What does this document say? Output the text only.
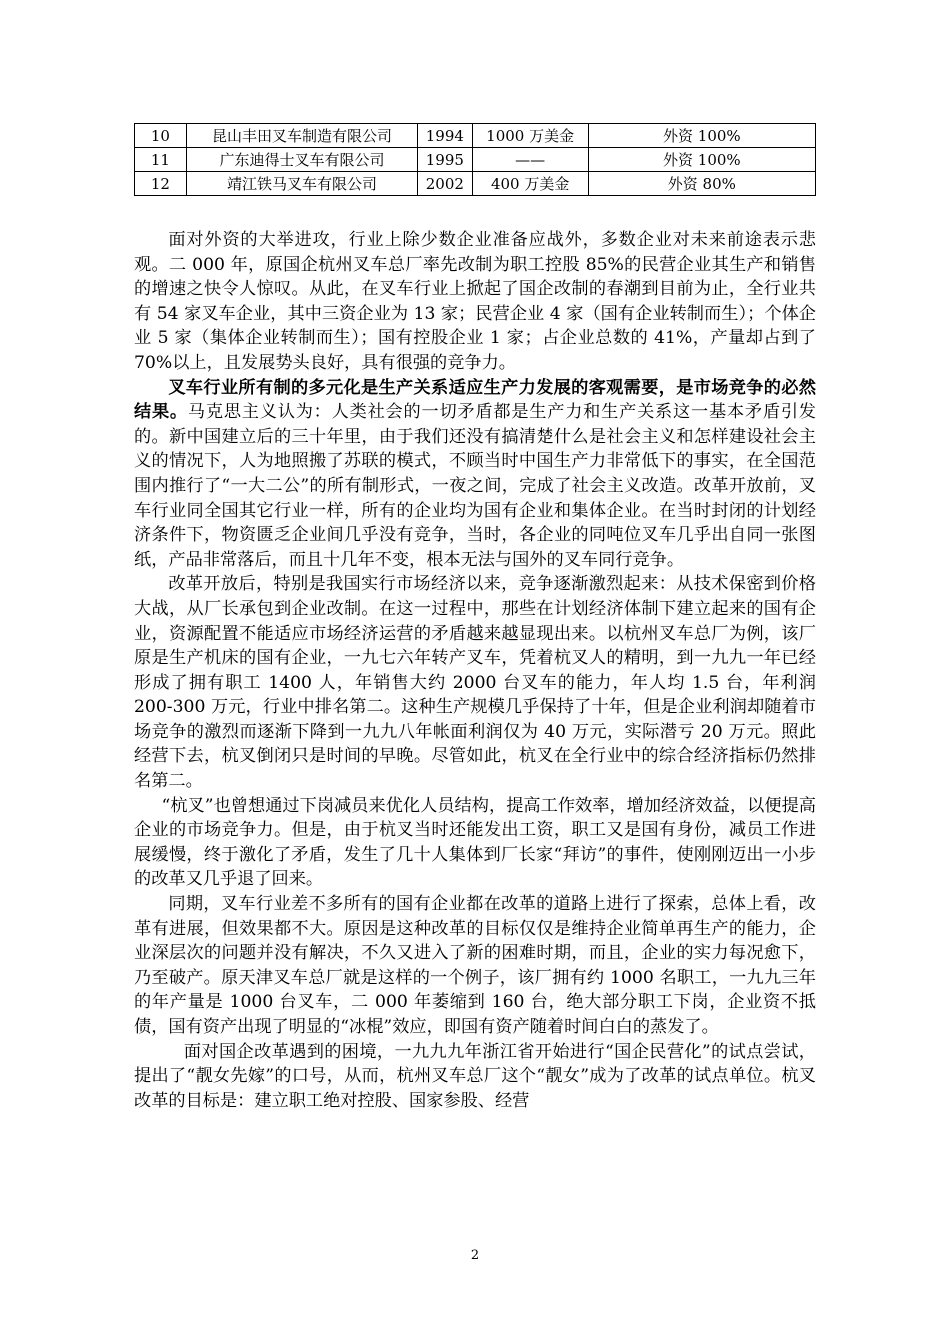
10	昆山丰田叉车制造有限公司	1994	1000 万美金	外资 100%
11	广东迪得士叉车有限公司	1995	——	外资 100%
12	靖江铁马叉车有限公司	2002	400 万美金	外资 80%

面对外资的大举进攻，行业上除少数企业准备应战外，多数企业对未来前途表示悲观。二 000 年，原国企杭州叉车总厂率先改制为职工控股 85%的民营企业其生产和销售的增速之快令人惊叹。从此，在叉车行业上掀起了国企改制的春潮到目前为止，全行业共有 54 家叉车企业，其中三资企业为 13 家；民营企业 4 家（国有企业转制而生）；个体企业 5 家（集体企业转制而生）；国有控股企业 1 家；占企业总数的 41%，产量却占到了 70%以上，且发展势头良好，具有很强的竞争力。

叉车行业所有制的多元化是生产关系适应生产力发展的客观需要，是市场竞争的必然结果。马克思主义认为：人类社会的一切矛盾都是生产力和生产关系这一基本矛盾引发的。新中国建立后的三十年里，由于我们还没有搞清楚什么是社会主义和怎样建设社会主义的情况下，人为地照搬了苏联的模式，不顾当时中国生产力非常低下的事实，在全国范围内推行了“一大二公”的所有制形式，一夜之间，完成了社会主义改造。改革开放前，叉车行业同全国其它行业一样，所有的企业均为国有企业和集体企业。在当时封闭的计划经济条件下，物资匮乏企业间几乎没有竞争，当时，各企业的同吨位叉车几乎出自同一张图纸，产品非常落后，而且十几年不变，根本无法与国外的叉车同行竞争。

改革开放后，特别是我国实行市场经济以来，竞争逐渐激烈起来：从技术保密到价格大战，从厂长承包到企业改制。在这一过程中，那些在计划经济体制下建立起来的国有企业，资源配置不能适应市场经济运营的矛盾越来越显现出来。以杭州叉车总厂为例，该厂原是生产机床的国有企业，一九七六年转产叉车，凭着杭叉人的精明，到一九九一年已经形成了拥有职工 1400 人，年销售大约 2000 台叉车的能力，年人均 1.5 台，年利润 200-300 万元，行业中排名第二。这种生产规模几乎保持了十年，但是企业利润却随着市场竞争的激烈而逐渐下降到一九九八年帐面利润仅为 40 万元，实际潜亏 20 万元。照此经营下去，杭叉倒闭只是时间的早晚。尽管如此，杭叉在全行业中的综合经济指标仍然排名第二。

“杭叉”也曾想通过下岗减员来优化人员结构，提高工作效率，增加经济效益，以便提高企业的市场竞争力。但是，由于杭叉当时还能发出工资，职工又是国有身份，减员工作进展缓慢，终于激化了矛盾，发生了几十人集体到厂长家“拜访”的事件，使刚刚迈出一小步的改革又几乎退了回来。

同期，叉车行业差不多所有的国有企业都在改革的道路上进行了探索，总体上看，改革有进展，但效果都不大。原因是这种改革的目标仅仅是维持企业简单再生产的能力，企业深层次的问题并没有解决，不久又进入了新的困难时期，而且，企业的实力每况愈下，乃至破产。原天津叉车总厂就是这样的一个例子，该厂拥有约 1000 名职工，一九九三年的年产量是 1000 台叉车，二 000 年萎缩到 160 台，绝大部分职工下岗，企业资不抵债，国有资产出现了明显的“冰棍”效应，即国有资产随着时间白白的蒸发了。

面对国企改革遇到的困境，一九九九年浙江省开始进行“国企民营化”的试点尝试，提出了“靓女先嫁”的口号，从而，杭州叉车总厂这个“靓女”成为了改革的试点单位。杭叉改革的目标是：建立职工绝对控股、国家参股、经营

2
